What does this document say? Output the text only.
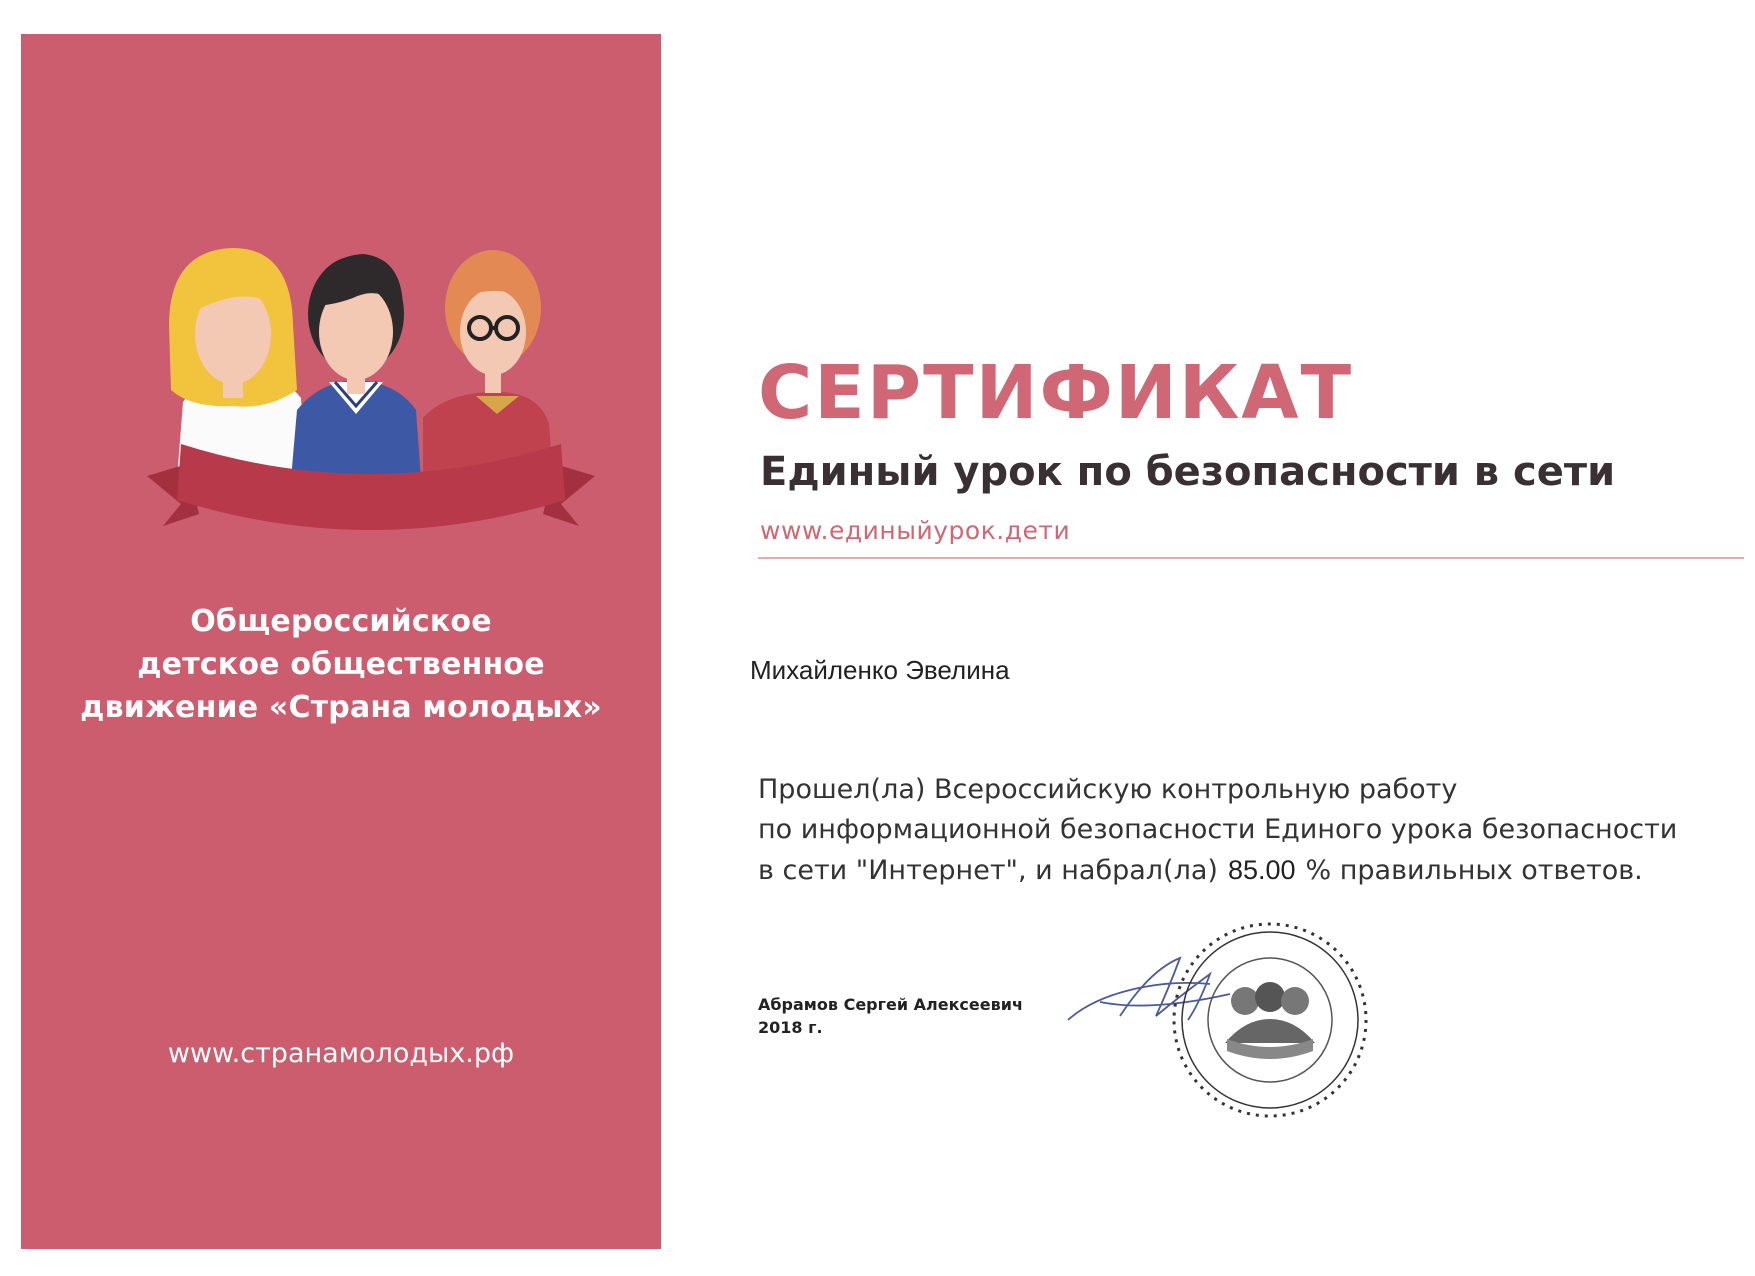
Общероссийское
детское общественное
движение «Страна молодых»
www.странамолодых.рф
СЕРТИФИКАТ
Единый урок по безопасности в сети
www.единыйурок.дети
Михайленко Эвелина
Прошел(ла) Всероссийскую контрольную работу
по информационной безопасности Единого урока безопасности
в сети "Интернет", и набрал(ла) 85.00 % правильных ответов.
Абрамов Сергей Алексеевич
2018 г.
